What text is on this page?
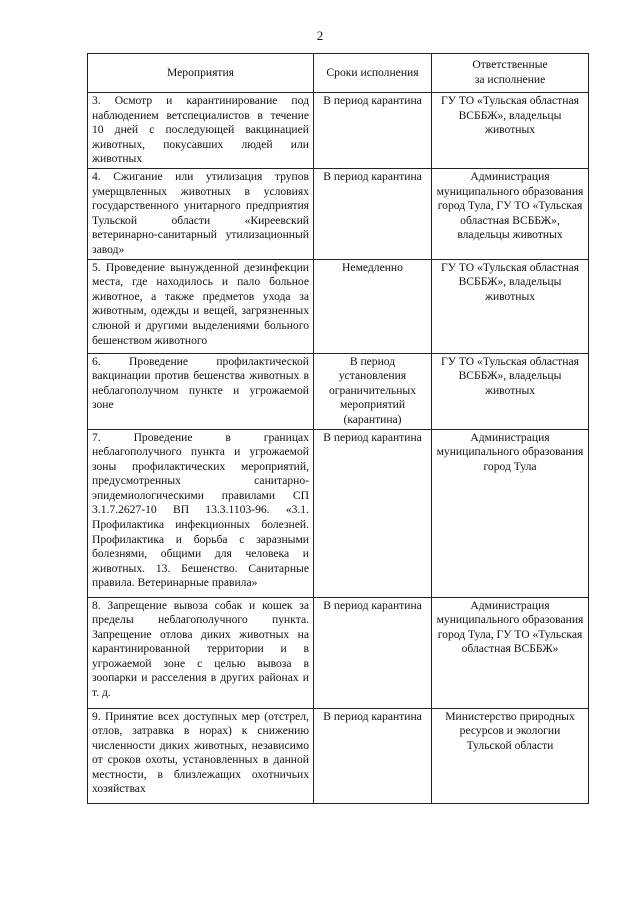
2
Мероприятия	Сроки исполнения	Ответственные
за исполнение
3. Осмотр и карантинирование под наблюдением ветспециалистов в течение 10 дней с последующей вакцинацией животных, покусавших людей или животных	В период карантина	ГУ ТО «Тульская областная ВСББЖ», владельцы животных
4. Сжигание или утилизация трупов умерщвленных животных в условиях государственного унитарного предприятия Тульской области «Киреевский ветеринарно-санитарный утилизационный завод»	В период карантина	Администрация муниципального образования город Тула, ГУ ТО «Тульская областная ВСББЖ», владельцы животных
5. Проведение вынужденной дезинфекции места, где находилось и пало больное животное, а также предметов ухода за животным, одежды и вещей, загрязненных слюной и другими выделениями больного бешенством животного	Немедленно	ГУ ТО «Тульская областная ВСББЖ», владельцы животных
6. Проведение профилактической вакцинации против бешенства животных в неблагополучном пункте и угрожаемой зоне	В период установления ограничительных мероприятий (карантина)	ГУ ТО «Тульская областная ВСББЖ», владельцы животных
7. Проведение в границах неблагополучного пункта и угрожаемой зоны профилактических мероприятий, предусмотренных санитарно-эпидемиологическими правилами СП 3.1.7.2627-10 ВП 13.3.1103-96. «3.1. Профилактика инфекционных болезней. Профилактика и борьба с заразными болезнями, общими для человека и животных. 13. Бешенство. Санитарные правила. Ветеринарные правила»	В период карантина	Администрация муниципального образования город Тула
8. Запрещение вывоза собак и кошек за пределы неблагополучного пункта. Запрещение отлова диких животных на карантинированной территории и в угрожаемой зоне с целью вывоза в зоопарки и расселения в других районах и т. д.	В период карантина	Администрация муниципального образования город Тула, ГУ ТО «Тульская областная ВСББЖ»
9. Принятие всех доступных мер (отстрел, отлов, затравка в норах) к снижению численности диких животных, независимо от сроков охоты, установленных в данной местности, в близлежащих охотничьих хозяйствах	В период карантина	Министерство природных ресурсов и экологии Тульской области
